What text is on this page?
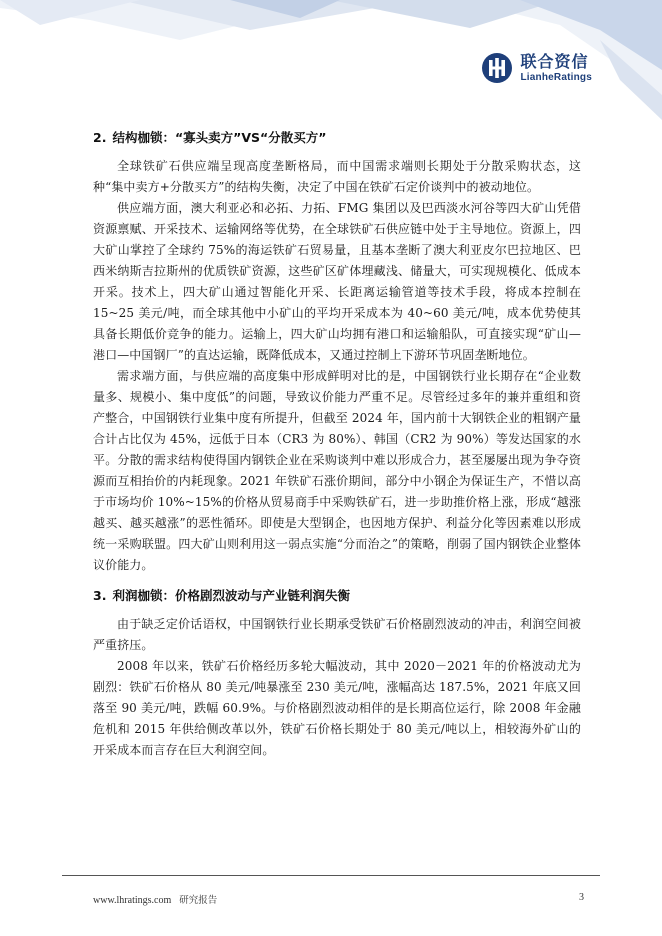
联合资信
LianheRatings
2. 结构枷锁：“寡头卖方”VS“分散买方”

全球铁矿石供应端呈现高度垄断格局，而中国需求端则长期处于分散采购状态，这种“集中卖方+分散买方”的结构失衡，决定了中国在铁矿石定价谈判中的被动地位。

供应端方面，澳大利亚必和必拓、力拓、FMG 集团以及巴西淡水河谷等四大矿山凭借资源禀赋、开采技术、运输网络等优势，在全球铁矿石供应链中处于主导地位。资源上，四大矿山掌控了全球约 75%的海运铁矿石贸易量，且基本垄断了澳大利亚皮尔巴拉地区、巴西米纳斯吉拉斯州的优质铁矿资源，这些矿区矿体埋藏浅、储量大，可实现规模化、低成本开采。技术上，四大矿山通过智能化开采、长距离运输管道等技术手段，将成本控制在 15~25 美元/吨，而全球其他中小矿山的平均开采成本为 40~60 美元/吨，成本优势使其具备长期低价竞争的能力。运输上，四大矿山均拥有港口和运输船队，可直接实现“矿山—港口—中国钢厂”的直达运输，既降低成本，又通过控制上下游环节巩固垄断地位。

需求端方面，与供应端的高度集中形成鲜明对比的是，中国钢铁行业长期存在“企业数量多、规模小、集中度低”的问题，导致议价能力严重不足。尽管经过多年的兼并重组和资产整合，中国钢铁行业集中度有所提升，但截至 2024 年，国内前十大钢铁企业的粗钢产量合计占比仅为 45%，远低于日本（CR3 为 80%）、韩国（CR2 为 90%）等发达国家的水平。分散的需求结构使得国内钢铁企业在采购谈判中难以形成合力，甚至屡屡出现为争夺资源而互相抬价的内耗现象。2021 年铁矿石涨价期间，部分中小钢企为保证生产，不惜以高于市场均价 10%~15%的价格从贸易商手中采购铁矿石，进一步助推价格上涨，形成“越涨越买、越买越涨”的恶性循环。即使是大型钢企，也因地方保护、利益分化等因素难以形成统一采购联盟。四大矿山则利用这一弱点实施“分而治之”的策略，削弱了国内钢铁企业整体议价能力。

3. 利润枷锁：价格剧烈波动与产业链利润失衡

由于缺乏定价话语权，中国钢铁行业长期承受铁矿石价格剧烈波动的冲击，利润空间被严重挤压。

2008 年以来，铁矿石价格经历多轮大幅波动，其中 2020－2021 年的价格波动尤为剧烈：铁矿石价格从 80 美元/吨暴涨至 230 美元/吨，涨幅高达 187.5%，2021 年底又回落至 90 美元/吨，跌幅 60.9%。与价格剧烈波动相伴的是长期高位运行，除 2008 年金融危机和 2015 年供给侧改革以外，铁矿石价格长期处于 80 美元/吨以上，相较海外矿山的开采成本而言存在巨大利润空间。

www.lhratings.com 研究报告	3
